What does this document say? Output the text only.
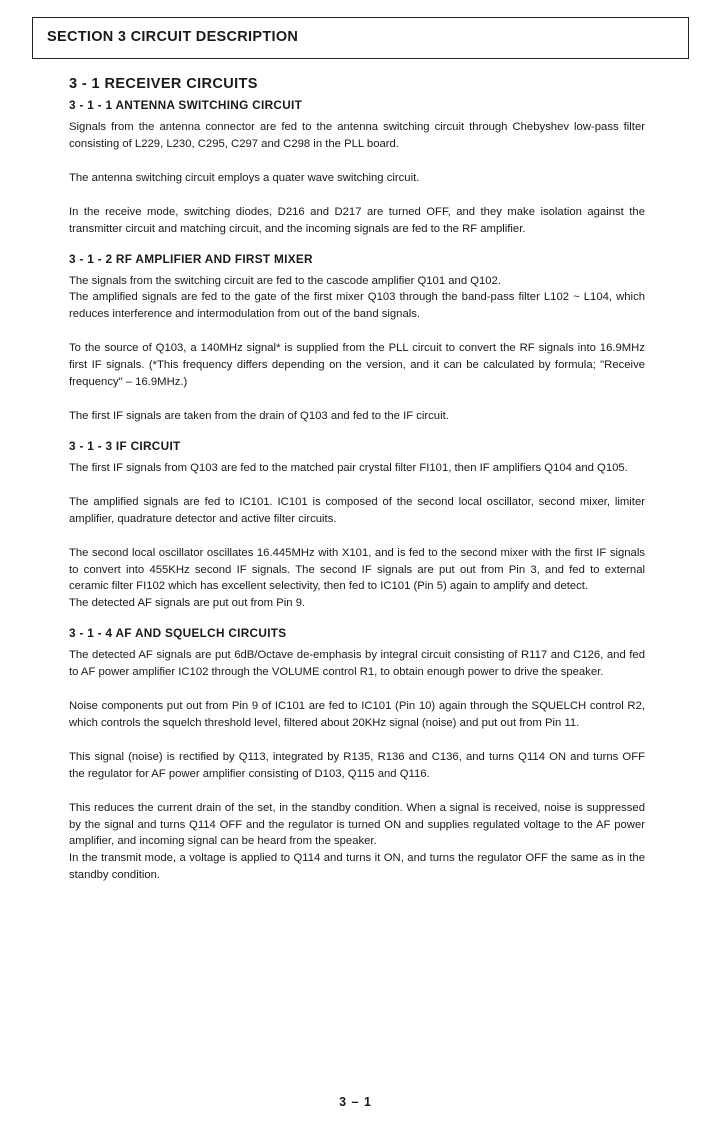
SECTION 3 CIRCUIT DESCRIPTION
3 - 1 RECEIVER CIRCUITS
3 - 1 - 1 ANTENNA SWITCHING CIRCUIT

Signals from the antenna connector are fed to the antenna switching circuit through Chebyshev low-pass filter consisting of L229, L230, C295, C297 and C298 in the PLL board.

The antenna switching circuit employs a quater wave switching circuit.

In the receive mode, switching diodes, D216 and D217 are turned OFF, and they make isolation against the transmitter circuit and matching circuit, and the incoming signals are fed to the RF amplifier.

3 - 1 - 2 RF AMPLIFIER AND FIRST MIXER

The signals from the switching circuit are fed to the cascode amplifier Q101 and Q102.

The amplified signals are fed to the gate of the first mixer Q103 through the band-pass filter L102 ~ L104, which reduces interference and intermodulation from out of the band signals.

To the source of Q103, a 140MHz signal* is supplied from the PLL circuit to convert the RF signals into 16.9MHz first IF signals. (*This frequency differs depending on the version, and it can be calculated by formula; "Receive frequency" – 16.9MHz.)

The first IF signals are taken from the drain of Q103 and fed to the IF circuit.

3 - 1 - 3 IF CIRCUIT

The first IF signals from Q103 are fed to the matched pair crystal filter FI101, then IF amplifiers Q104 and Q105.

The amplified signals are fed to IC101. IC101 is composed of the second local oscillator, second mixer, limiter amplifier, quadrature detector and active filter circuits.

The second local oscillator oscillates 16.445MHz with X101, and is fed to the second mixer with the first IF signals to convert into 455KHz second IF signals. The second IF signals are put out from Pin 3, and fed to external ceramic filter FI102 which has excellent selectivity, then fed to IC101 (Pin 5) again to amplify and detect.

The detected AF signals are put out from Pin 9.

3 - 1 - 4 AF AND SQUELCH CIRCUITS

The detected AF signals are put 6dB/Octave de-emphasis by integral circuit consisting of R117 and C126, and fed to AF power amplifier IC102 through the VOLUME control R1, to obtain enough power to drive the speaker.

Noise components put out from Pin 9 of IC101 are fed to IC101 (Pin 10) again through the SQUELCH control R2, which controls the squelch threshold level, filtered about 20KHz signal (noise) and put out from Pin 11.

This signal (noise) is rectified by Q113, integrated by R135, R136 and C136, and turns Q114 ON and turns OFF the regulator for AF power amplifier consisting of D103, Q115 and Q116.

This reduces the current drain of the set, in the standby condition. When a signal is received, noise is suppressed by the signal and turns Q114 OFF and the regulator is turned ON and supplies regulated voltage to the AF power amplifier, and incoming signal can be heard from the speaker.

In the transmit mode, a voltage is applied to Q114 and turns it ON, and turns the regulator OFF the same as in the standby condition.

3 – 1
